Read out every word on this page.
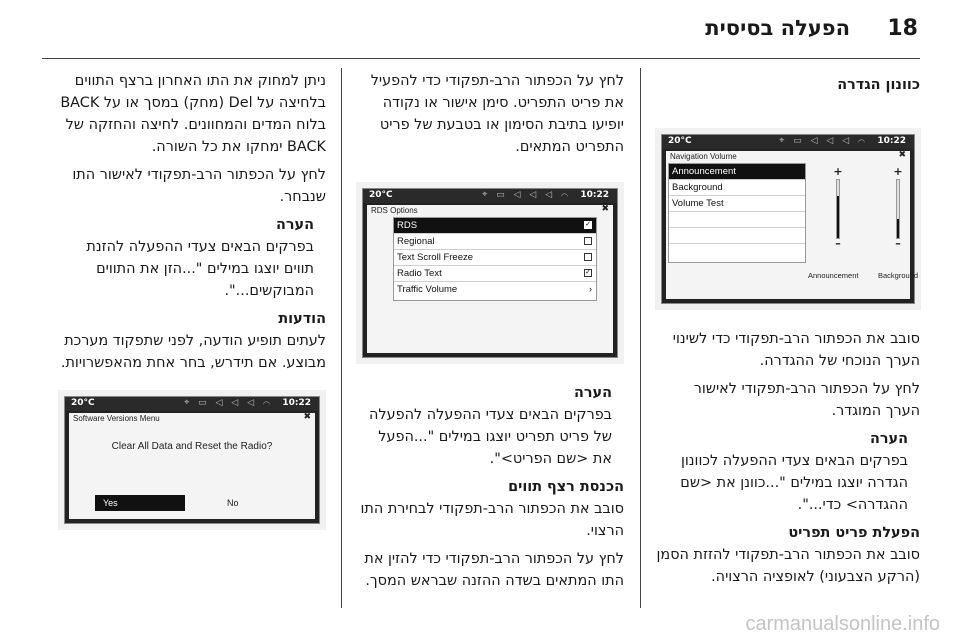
18
הפעלה בסיסית
כוונון הגדרה
20°C	⌖ ▭ ◁ ◁ ◁ ⌒ 10:22
Navigation Volume	✖
Announcement
Background
Volume Test
+
–
+
–
Announcement	Background

סובב את הכפתור הרב-תפקודי כדי לשינוי הערך הנוכחי של ההגדרה.

לחץ על הכפתור הרב-תפקודי לאישור הערך המוגדר.

הערה

בפרקים הבאים צעדי ההפעלה לכוונון הגדרה יוצגו במילים "...כוונן את <שם ההגדרה> כדי...".

הפעלת פריט תפריט

סובב את הכפתור הרב-תפקודי להזזת הסמן (הרקע הצבעוני) לאופציה הרצויה.

לחץ על הכפתור הרב-תפקודי כדי להפעיל את פריט התפריט. סימן אישור או נקודה יופיעו בתיבת הסימון או בטבעת של פריט התפריט המתאים.

20°C	⌖ ▭ ◁ ◁ ◁ ⌒ 10:22
RDS Options	✖
RDS	✓
Regional
Text Scroll Freeze
Radio Text	✓
Traffic Volume	›
הערה

בפרקים הבאים צעדי ההפעלה להפעלה של פריט תפריט יוצגו במילים "...הפעל את <שם הפריט>".

הכנסת רצף תווים

סובב את הכפתור הרב-תפקודי לבחירת התו הרצוי.

לחץ על הכפתור הרב-תפקודי כדי להזין את התו המתאים בשדה ההזנה שבראש המסך.

ניתן למחוק את התו האחרון ברצף התווים בלחיצה על Del (מחק) במסך או על BACK בלוח המדים והמחוונים. לחיצה והחזקה של BACK ימחקו את כל השורה.

לחץ על הכפתור הרב-תפקודי לאישור התו שנבחר.

הערה

בפרקים הבאים צעדי ההפעלה להזנת תווים יוצגו במילים "...הזן את התווים המבוקשים...".

הודעות

לעתים תופיע הודעה, לפני שתפקוד מערכת מבוצע. אם תידרש, בחר אחת מהאפשרויות.

20°C	⌖ ▭ ◁ ◁ ◁ ⌒ 10:22
Software Versions Menu	✖
Clear All Data and Reset the Radio?
Yes	No
carmanualsonline.info
